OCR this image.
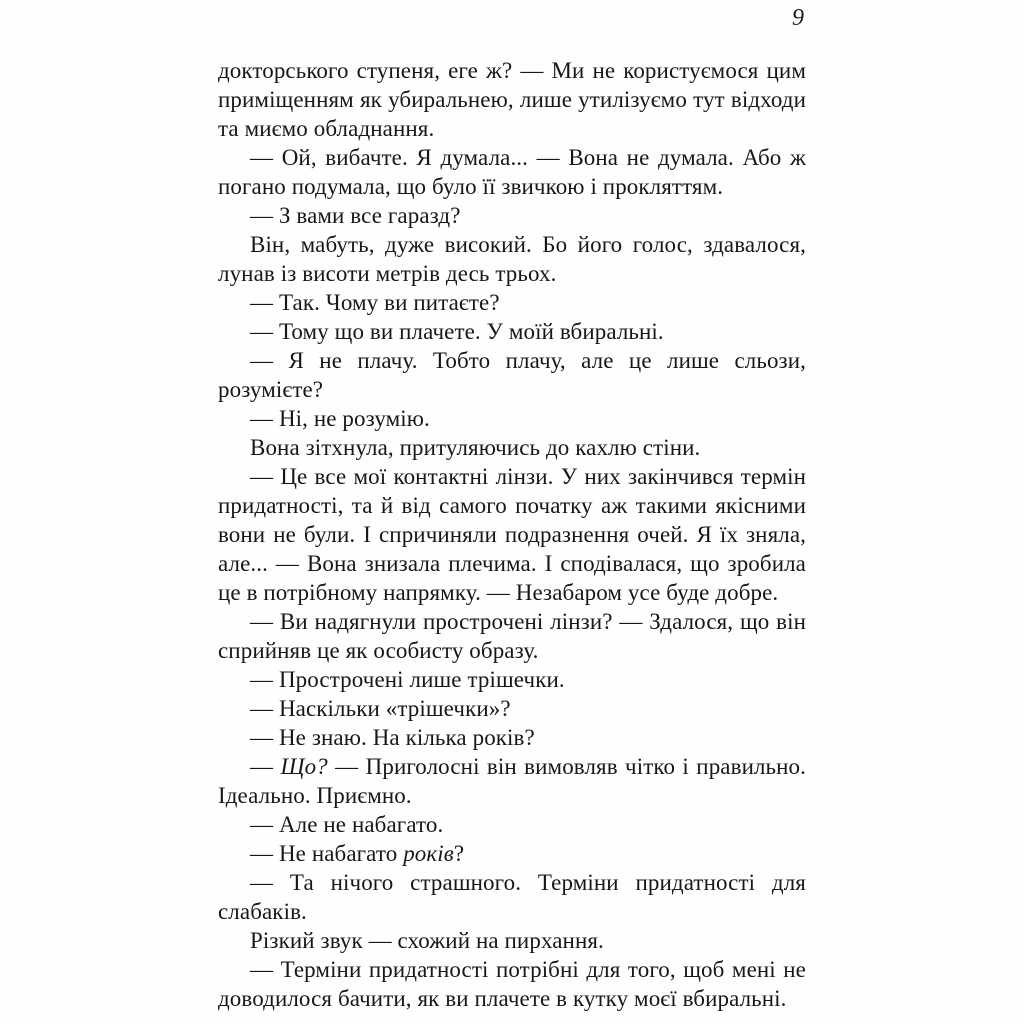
9

докторського ступеня, еге ж? — Ми не користуємося цим приміщенням як убиральнею, лише утилізуємо тут відходи та миємо обладнання.

— Ой, вибачте. Я думала... — Вона не думала. Або ж погано подумала, що було її звичкою і прокляттям.

— З вами все гаразд?

Він, мабуть, дуже високий. Бо його голос, здавалося, лунав із висоти метрів десь трьох.

— Так. Чому ви питаєте?

— Тому що ви плачете. У моїй вбиральні.

— Я не плачу. Тобто плачу, але це лише сльози, розумієте?

— Ні, не розумію.

Вона зітхнула, притуляючись до кахлю стіни.

— Це все мої контактні лінзи. У них закінчився термін придатності, та й від самого початку аж такими якісними вони не були. І спричиняли подразнення очей. Я їх зняла, але... — Вона знизала плечима. І сподівалася, що зробила це в потрібному напрямку. — Незабаром усе буде добре.

— Ви надягнули прострочені лінзи? — Здалося, що він сприйняв це як особисту образу.

— Прострочені лише трішечки.

— Наскільки «трішечки»?

— Не знаю. На кілька років?

— Що? — Приголосні він вимовляв чітко і правильно. Ідеально. Приємно.

— Але не набагато.

— Не набагато років?

— Та нічого страшного. Терміни придатності для слабаків.

Різкий звук — схожий на пирхання.

— Терміни придатності потрібні для того, щоб мені не доводилося бачити, як ви плачете в кутку моєї вбиральні.
